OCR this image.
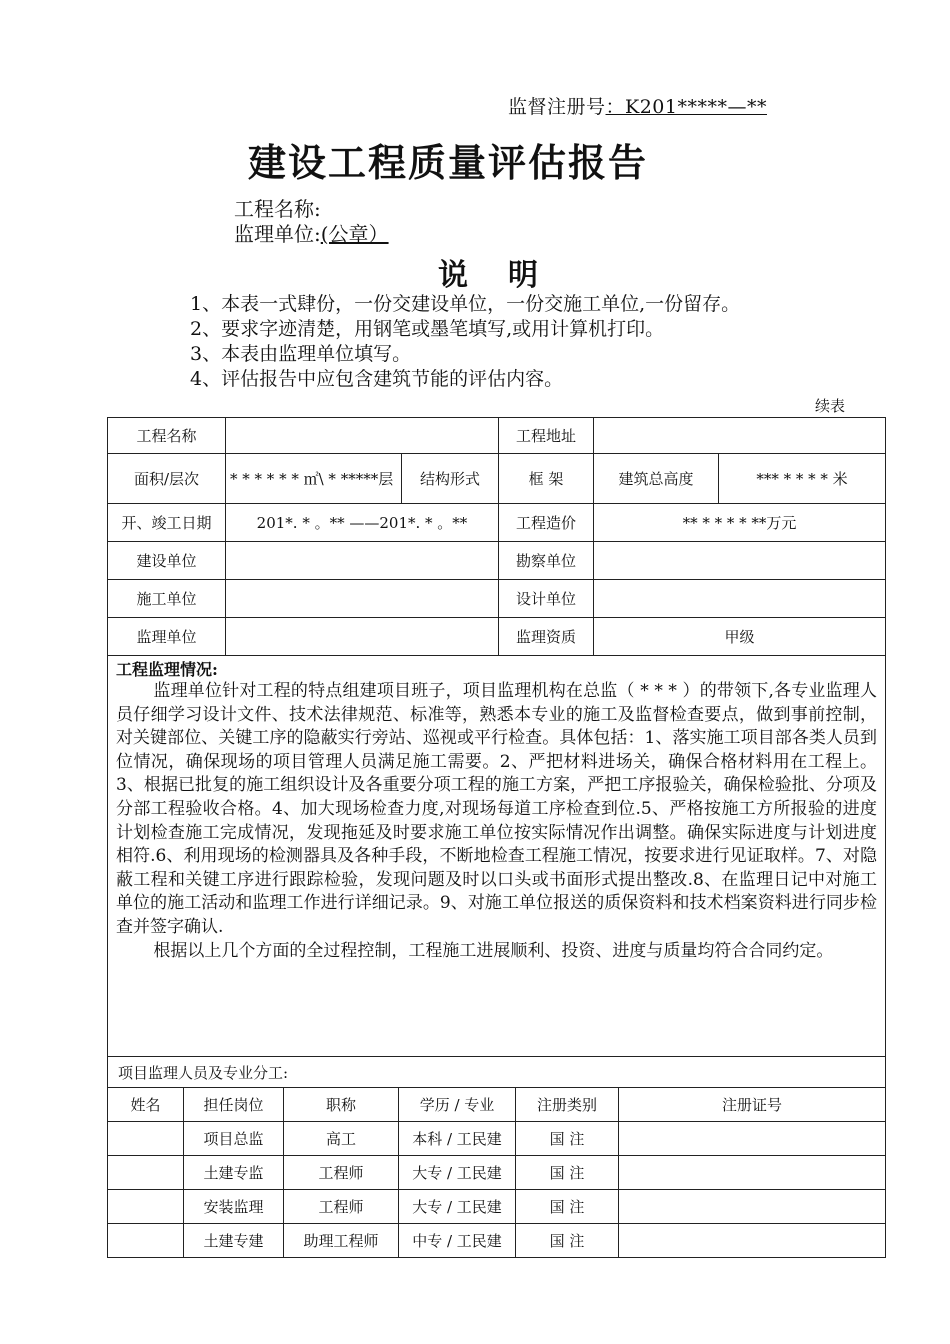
监督注册号：K201*****—**
建设工程质量评估报告
工程名称:
监理单位:(公章）
说明
1、本表一式肆份，一份交建设单位，一份交施工单位,一份留存。
2、要求字迹清楚，用钢笔或墨笔填写,或用计算机打印。
3、本表由监理单位填写。
4、评估报告中应包含建筑节能的评估内容。
续表
工程名称			工程地址		
面积/层次	* * * * * * ㎡\ * *****层	结构形式	框 架	建筑总高度	*** * * * * 米
开、竣工日期	201*. * 。** ——201*. * 。**		工程造价	** * * * * **万元	
建设单位			勘察单位		
施工单位			设计单位		
监理单位			监理资质	甲级	

工程监理情况:

监理单位针对工程的特点组建项目班子，项目监理机构在总监（ * * * ）的带领下,各专业监理人员仔细学习设计文件、技术法律规范、标准等，熟悉本专业的施工及监督检查要点，做到事前控制，对关键部位、关键工序的隐蔽实行旁站、巡视或平行检查。具体包括：1、落实施工项目部各类人员到位情况，确保现场的项目管理人员满足施工需要。2、严把材料进场关，确保合格材料用在工程上。3、根据已批复的施工组织设计及各重要分项工程的施工方案，严把工序报验关，确保检验批、分项及分部工程验收合格。4、加大现场检查力度,对现场每道工序检查到位.5、严格按施工方所报验的进度计划检查施工完成情况，发现拖延及时要求施工单位按实际情况作出调整。确保实际进度与计划进度相符.6、利用现场的检测器具及各种手段，不断地检查工程施工情况，按要求进行见证取样。7、对隐蔽工程和关键工序进行跟踪检验，发现问题及时以口头或书面形式提出整改.8、在监理日记中对施工单位的施工活动和监理工作进行详细记录。9、对施工单位报送的质保资料和技术档案资料进行同步检查并签字确认.

根据以上几个方面的全过程控制，工程施工进展顺利、投资、进度与质量均符合合同约定。					

项目监理人员及专业分工:					
姓名	担任岗位	职称	学历 / 专业	注册类别	注册证号
	项目总监	高工	本科 / 工民建	国 注	
	土建专监	工程师	大专 / 工民建	国 注	
	安装监理	工程师	大专 / 工民建	国 注	
	土建专建	助理工程师	中专 / 工民建	国 注	
